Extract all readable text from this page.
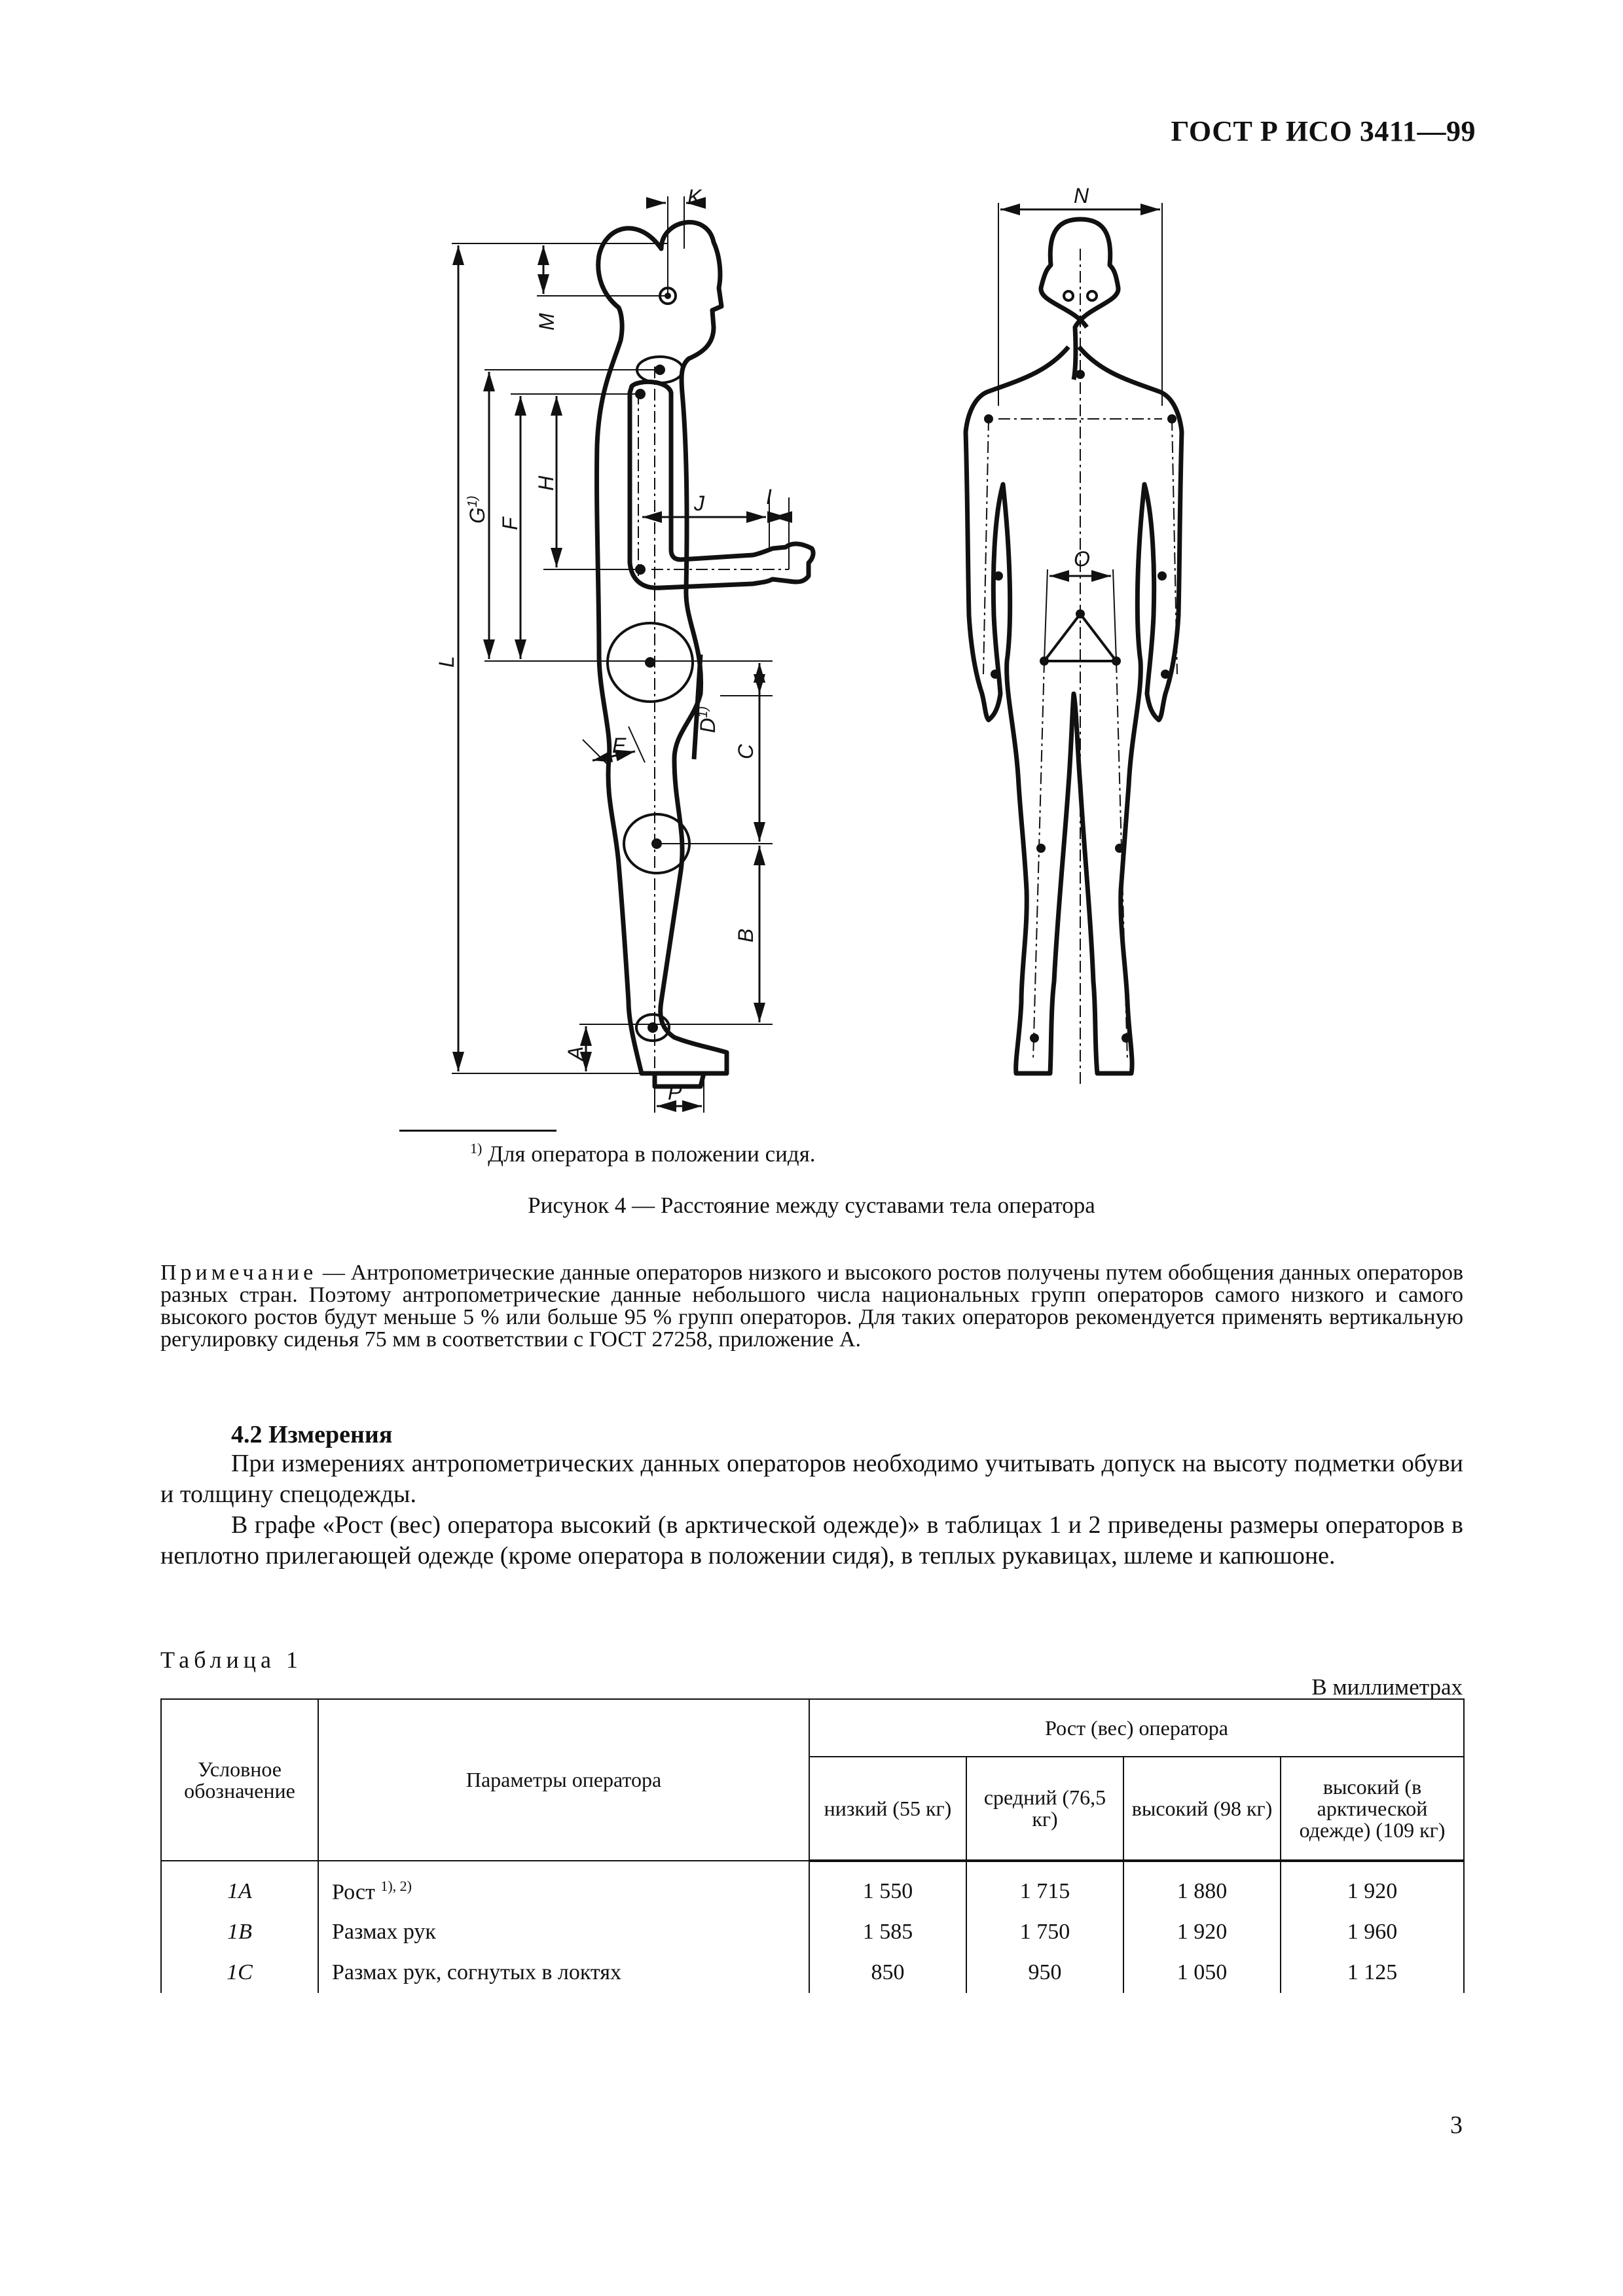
ГОСТ Р ИСО 3411—99
K
M
N
$G^{1)}$
F
H
J	I
O
L
$D^{1)}$
C
E
B
A
P
$^{1)}$ Для оператора в положении сидя.
Рисунок 4 — Расстояние между суставами тела оператора
Примечание — Антропометрические данные операторов низкого и высокого ростов получены путем обобщения данных операторов разных стран. Поэтому антропометрические данные небольшого числа национальных групп операторов самого низкого и самого высокого ростов будут меньше 5 % или больше 95 % групп операторов. Для таких операторов рекомендуется применять вертикальную регулировку сиденья 75 мм в соответствии с ГОСТ 27258, приложение А.
4.2 Измерения
При измерениях антропометрических данных операторов необходимо учитывать допуск на высоту подметки обуви и толщину спецодежды.
В графе «Рост (вес) оператора высокий (в арктической одежде)» в таблицах 1 и 2 приведены размеры операторов в неплотно прилегающей одежде (кроме оператора в положении сидя), в теплых рукавицах, шлеме и капюшоне.
Таблица 1
В миллиметрах
Условное обозначение	Параметры оператора	Рост (вес) оператора			
		низкий (55 кг)	средний (76,5 кг)	высокий (98 кг)	высокий (в арктической одежде) (109 кг)
1A	Рост $^{1), 2)}$	1 550	1 715	1 880	1 920
1B	Размах рук	1 585	1 750	1 920	1 960
1C	Размах рук, согнутых в локтях	850	950	1 050	1 125
3
